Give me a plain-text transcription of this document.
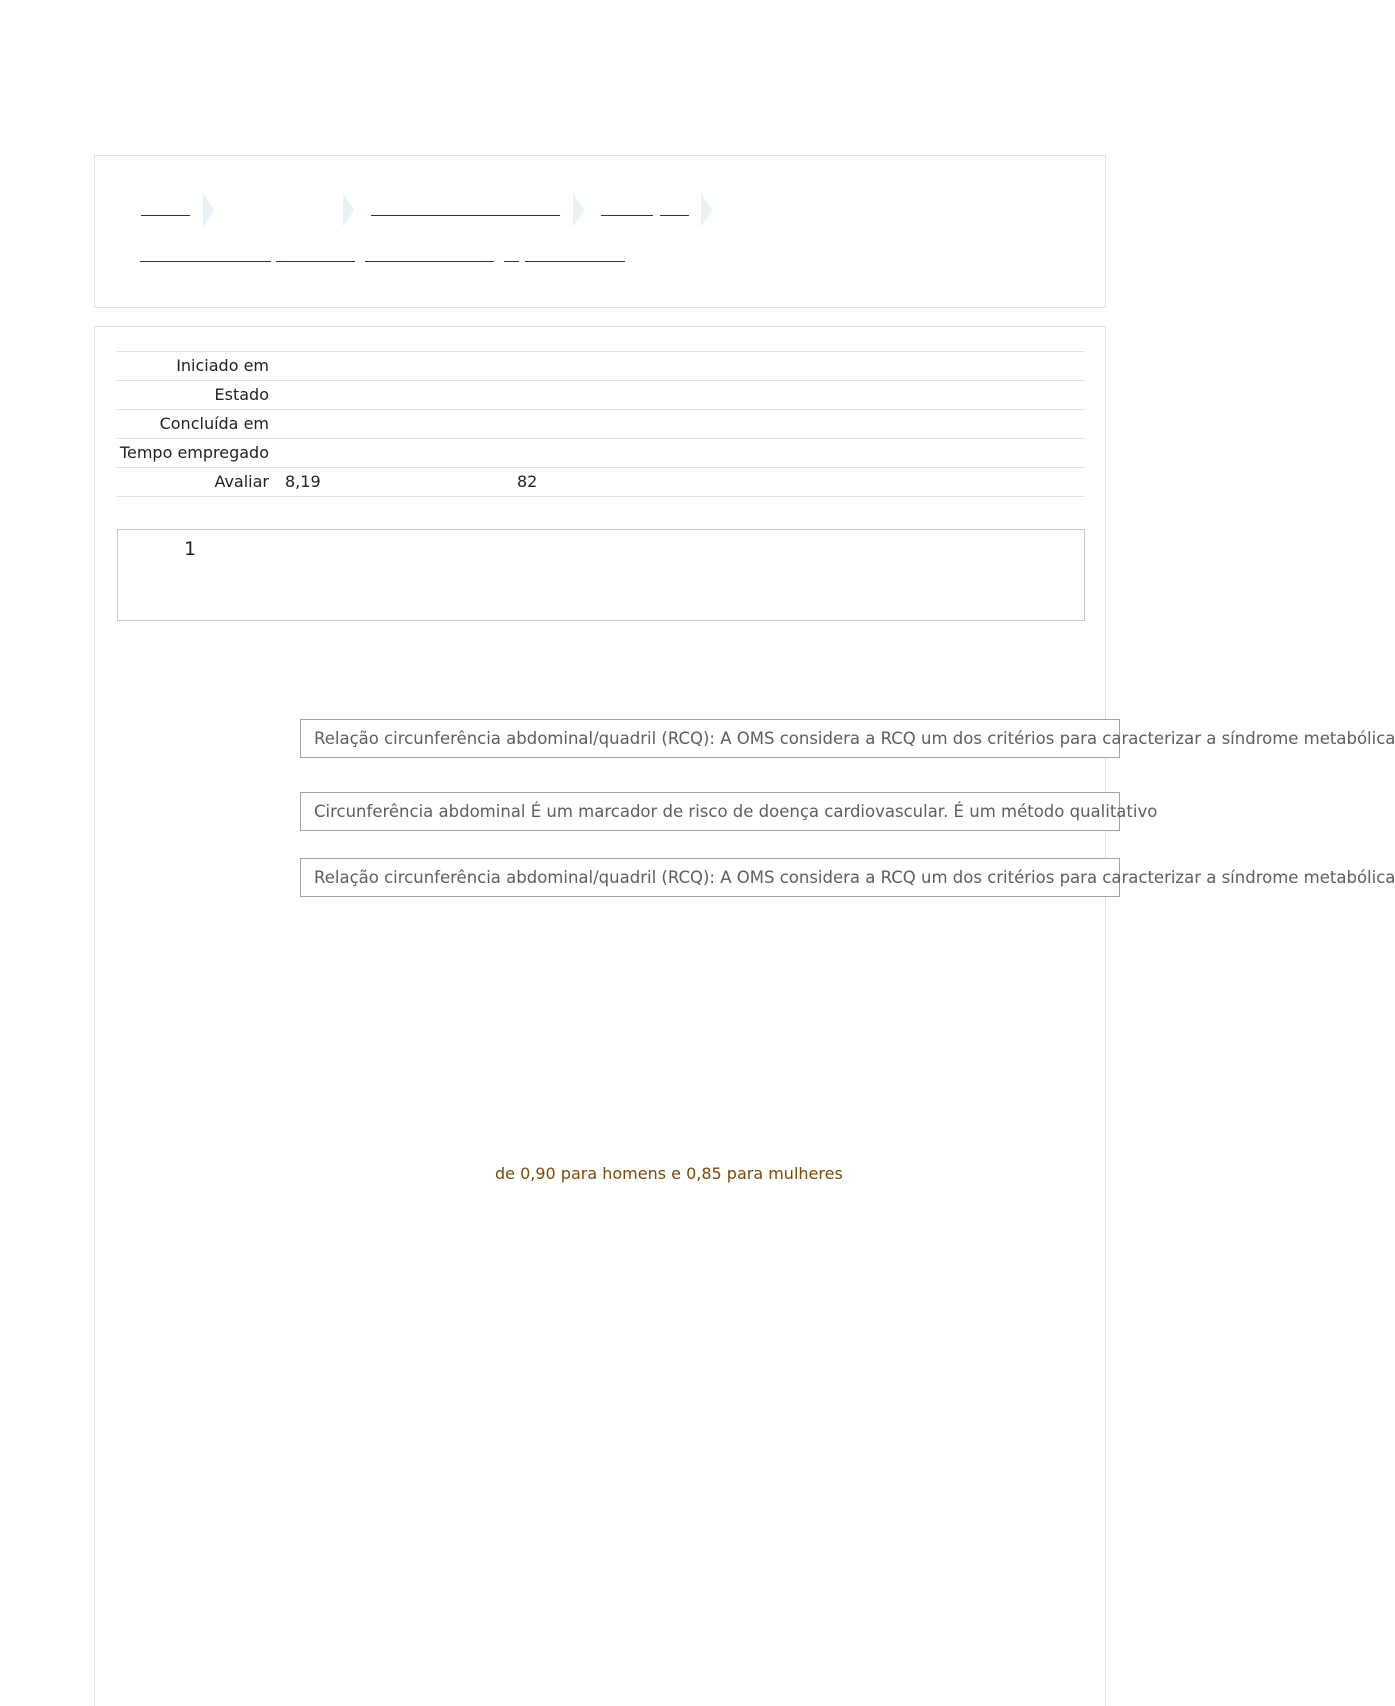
Iniciado em	
Estado	
Concluída em	
Tempo empregado	
Avaliar	8,19 82
1
Relação circunferência abdominal/quadril (RCQ): A OMS considera a RCQ um dos critérios para caracterizar a síndrome metabólica
Circunferência abdominal É um marcador de risco de doença cardiovascular. É um método qualitativo
Relação circunferência abdominal/quadril (RCQ): A OMS considera a RCQ um dos critérios para caracterizar a síndrome metabólica
de 0,90 para homens e 0,85 para mulheres
